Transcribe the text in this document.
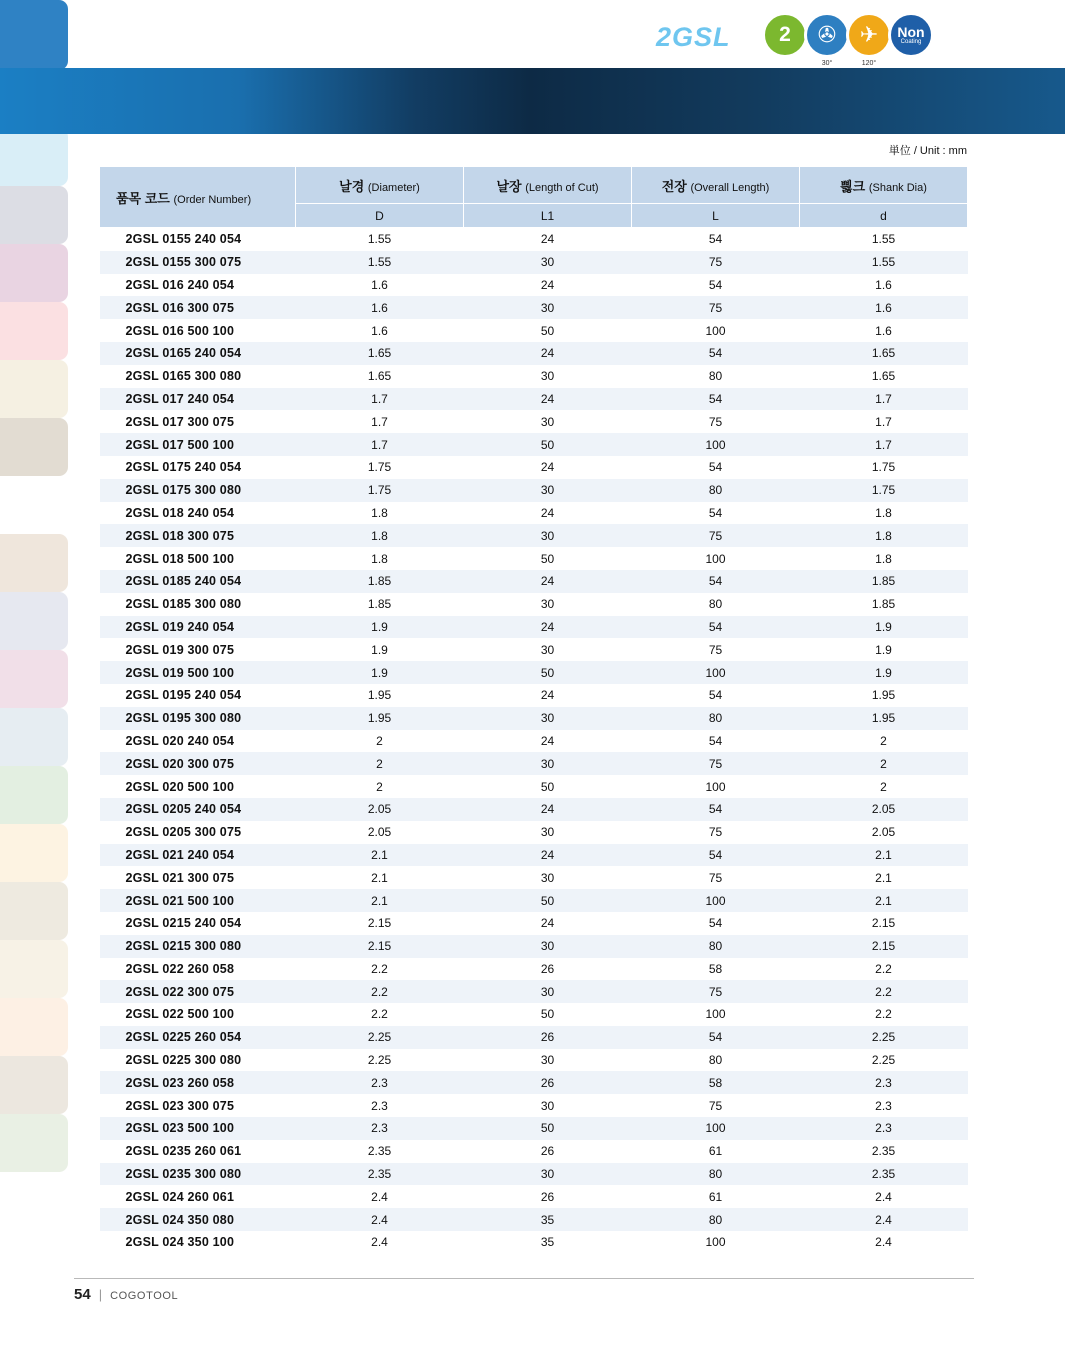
K DRILL	2GSL 2 ✇
30°
✈
120°
Non
Coating
単位 / Unit : mm
품목 코드 (Order Number)	날경 (Diameter)	날장 (Length of Cut)	전장 (Overall Length)	삃크 (Shank Dia)
	D	L1	L	d
2GSL 0155 240 054	1.55	24	54	1.55
2GSL 0155 300 075	1.55	30	75	1.55
2GSL 016 240 054	1.6	24	54	1.6
2GSL 016 300 075	1.6	30	75	1.6
2GSL 016 500 100	1.6	50	100	1.6
2GSL 0165 240 054	1.65	24	54	1.65
2GSL 0165 300 080	1.65	30	80	1.65
2GSL 017 240 054	1.7	24	54	1.7
2GSL 017 300 075	1.7	30	75	1.7
2GSL 017 500 100	1.7	50	100	1.7
2GSL 0175 240 054	1.75	24	54	1.75
2GSL 0175 300 080	1.75	30	80	1.75
2GSL 018 240 054	1.8	24	54	1.8
2GSL 018 300 075	1.8	30	75	1.8
2GSL 018 500 100	1.8	50	100	1.8
2GSL 0185 240 054	1.85	24	54	1.85
2GSL 0185 300 080	1.85	30	80	1.85
2GSL 019 240 054	1.9	24	54	1.9
2GSL 019 300 075	1.9	30	75	1.9
2GSL 019 500 100	1.9	50	100	1.9
2GSL 0195 240 054	1.95	24	54	1.95
2GSL 0195 300 080	1.95	30	80	1.95
2GSL 020 240 054	2	24	54	2
2GSL 020 300 075	2	30	75	2
2GSL 020 500 100	2	50	100	2
2GSL 0205 240 054	2.05	24	54	2.05
2GSL 0205 300 075	2.05	30	75	2.05
2GSL 021 240 054	2.1	24	54	2.1
2GSL 021 300 075	2.1	30	75	2.1
2GSL 021 500 100	2.1	50	100	2.1
2GSL 0215 240 054	2.15	24	54	2.15
2GSL 0215 300 080	2.15	30	80	2.15
2GSL 022 260 058	2.2	26	58	2.2
2GSL 022 300 075	2.2	30	75	2.2
2GSL 022 500 100	2.2	50	100	2.2
2GSL 0225 260 054	2.25	26	54	2.25
2GSL 0225 300 080	2.25	30	80	2.25
2GSL 023 260 058	2.3	26	58	2.3
2GSL 023 300 075	2.3	30	75	2.3
2GSL 023 500 100	2.3	50	100	2.3
2GSL 0235 260 061	2.35	26	61	2.35
2GSL 0235 300 080	2.35	30	80	2.35
2GSL 024 260 061	2.4	26	61	2.4
2GSL 024 350 080	2.4	35	80	2.4
2GSL 024 350 100	2.4	35	100	2.4
54 | COGOTOOL
